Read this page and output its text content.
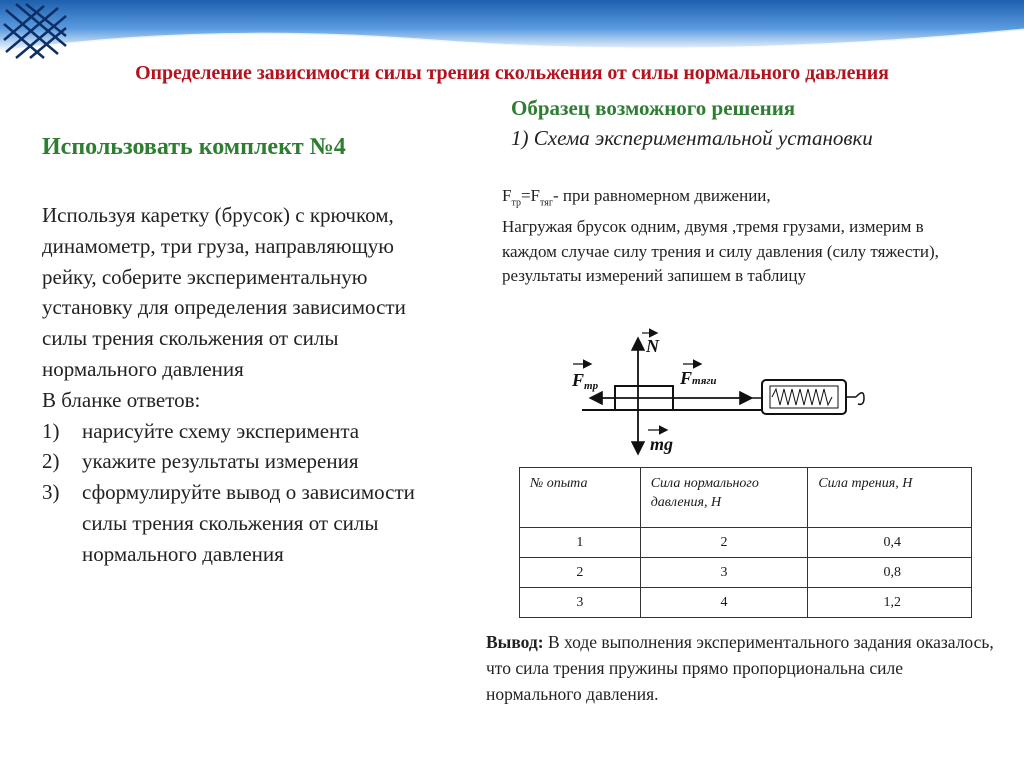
Определение зависимости силы трения скольжения от силы нормального давления
Использовать комплект №4

Используя каретку (брусок) с крючком, динамометр, три груза, направляющую рейку, соберите экспериментальную установку для определения зависимости силы трения скольжения от силы нормального давления

В бланке ответов:

1) нарисуйте схему эксперимента
2) укажите результаты измерения
3) сформулируйте вывод о зависимости силы трения скольжения от силы нормального давления
Образец возможного решения
1) Схема экспериментальной установки
$F_{тр}=F_{тяг}-$ при равномерном движении,
Нагружая брусок одним, двумя ,тремя грузами, измерим в каждом случае силу трения и силу давления (силу тяжести), результаты измерений запишем в таблицу
N
Fтр	Fтяги
mg
№ опыта	Сила нормального давления, Н	Сила трения, Н
1	2	0,4
2	3	0,8
3	4	1,2
Вывод: В ходе выполнения экспериментального задания оказалось, что сила трения пружины прямо пропорциональна силе нормального давления.
